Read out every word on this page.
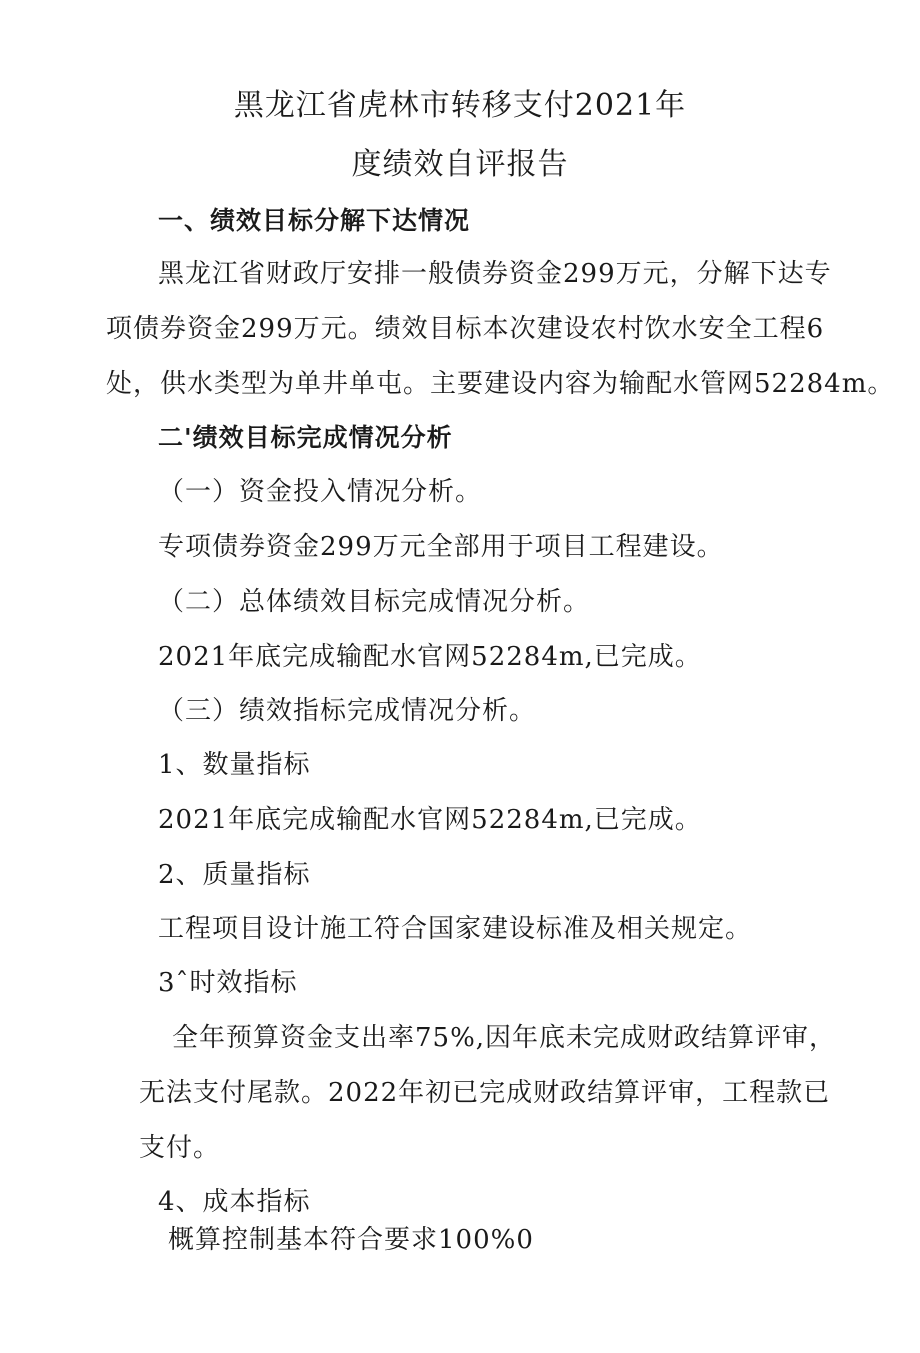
黑龙江省虎林市转移支付2021年
度绩效自评报告
一、绩效目标分解下达情况
黑龙江省财政厅安排一般债券资金299万元，分解下达专
项债券资金299万元。绩效目标本次建设农村饮水安全工程6
处，供水类型为单井单屯。主要建设内容为输配水管网52284m。
二'绩效目标完成情况分析
（一）资金投入情况分析。
专项债券资金299万元全部用于项目工程建设。
（二）总体绩效目标完成情况分析。
2021年底完成输配水官网52284m,已完成。
（三）绩效指标完成情况分析。
1、数量指标
2021年底完成输配水官网52284m,已完成。
2、质量指标
工程项目设计施工符合国家建设标准及相关规定。
3ˆ时效指标
全年预算资金支出率75%,因年底未完成财政结算评审，
无法支付尾款。2022年初已完成财政结算评审，工程款已
支付。
4、成本指标
概算控制基本符合要求100%0
